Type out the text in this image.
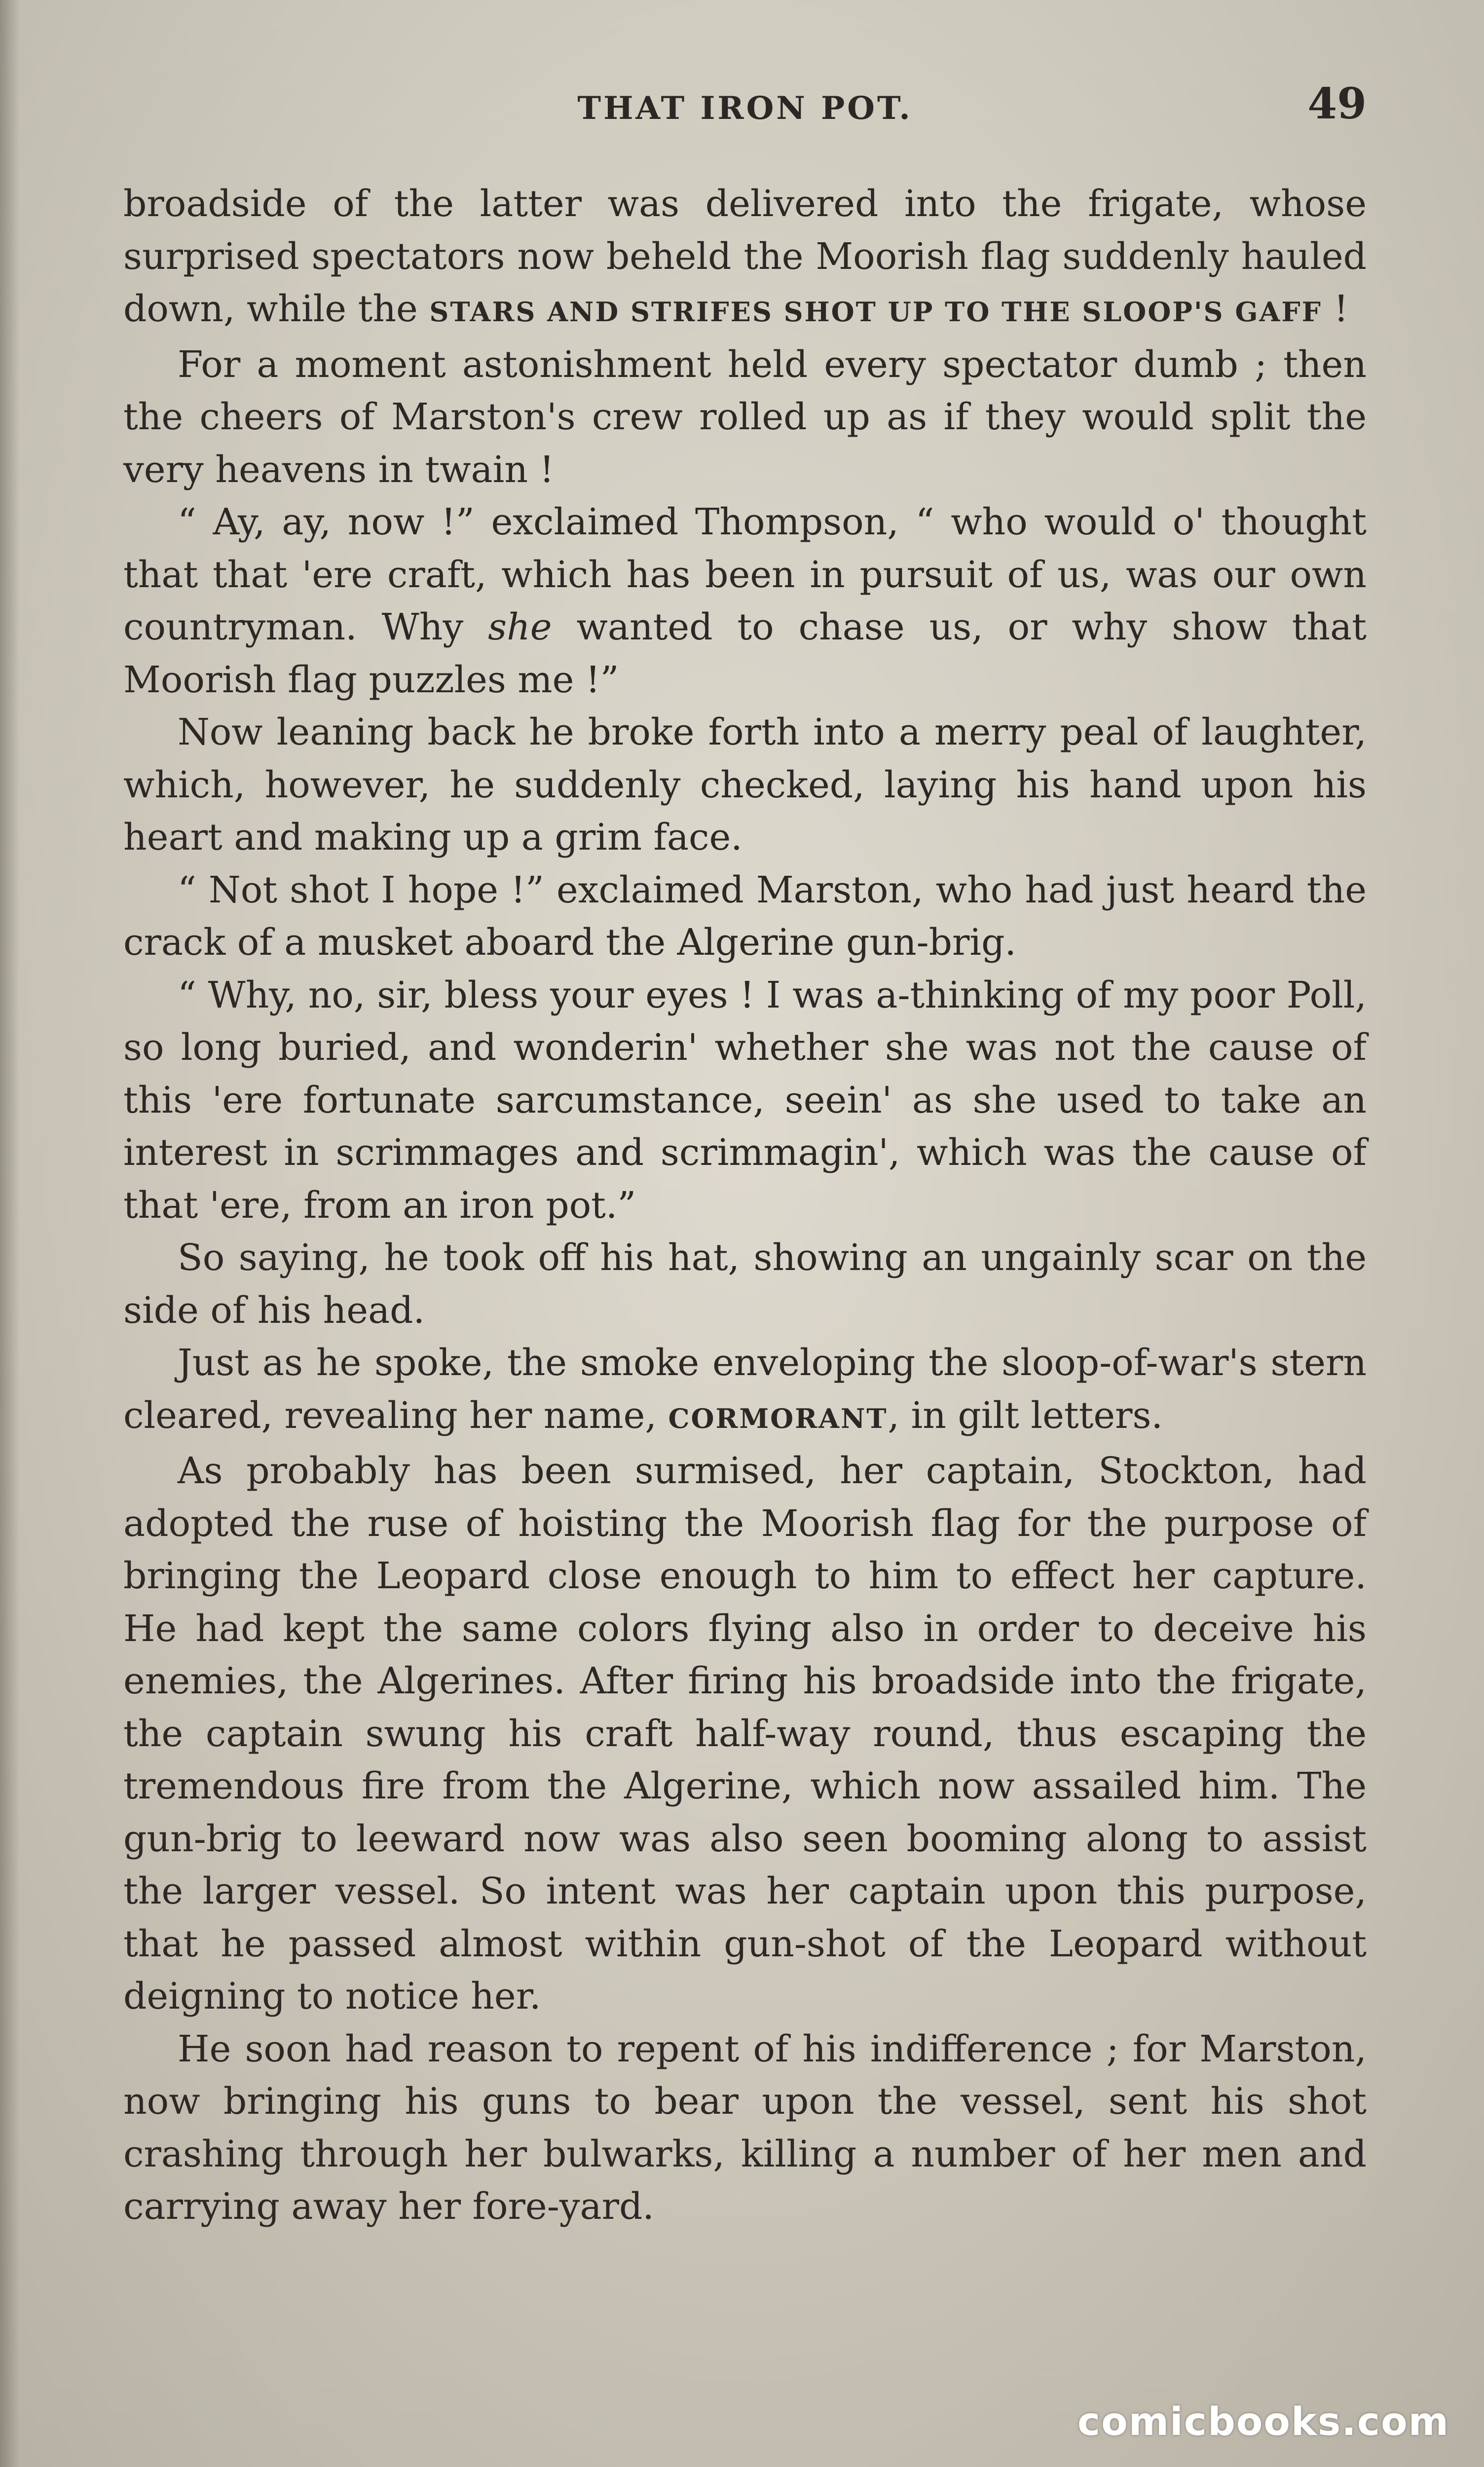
THAT IRON POT.	49

broadside of the latter was delivered into the frigate, whose surprised spectators now beheld the Moorish flag suddenly hauled down, while the STARS AND STRIFES SHOT UP TO THE SLOOP'S GAFF !

For a moment astonishment held every spectator dumb ; then the cheers of Marston's crew rolled up as if they would split the very heavens in twain !

“ Ay, ay, now !” exclaimed Thompson, “ who would o' thought that that 'ere craft, which has been in pursuit of us, was our own countryman. Why she wanted to chase us, or why show that Moorish flag puzzles me !”

Now leaning back he broke forth into a merry peal of laughter, which, however, he suddenly checked, laying his hand upon his heart and making up a grim face.

“ Not shot I hope !” exclaimed Marston, who had just heard the crack of a musket aboard the Algerine gun-brig.

“ Why, no, sir, bless your eyes ! I was a-thinking of my poor Poll, so long buried, and wonderin' whether she was not the cause of this 'ere fortunate sarcumstance, seein' as she used to take an interest in scrimmages and scrimmagin', which was the cause of that 'ere, from an iron pot.”

So saying, he took off his hat, showing an ungainly scar on the side of his head.

Just as he spoke, the smoke enveloping the sloop-of-war's stern cleared, revealing her name, CORMORANT, in gilt letters.

As probably has been surmised, her captain, Stockton, had adopted the ruse of hoisting the Moorish flag for the purpose of bringing the Leopard close enough to him to effect her capture. He had kept the same colors flying also in order to deceive his enemies, the Algerines. After firing his broadside into the frigate, the captain swung his craft half-way round, thus escaping the tremendous fire from the Algerine, which now assailed him. The gun-brig to leeward now was also seen booming along to assist the larger vessel. So intent was her captain upon this purpose, that he passed almost within gun-shot of the Leopard without deigning to notice her.

He soon had reason to repent of his indifference ; for Marston, now bringing his guns to bear upon the vessel, sent his shot crashing through her bulwarks, killing a number of her men and carrying away her fore-yard.

comicbooks.com
